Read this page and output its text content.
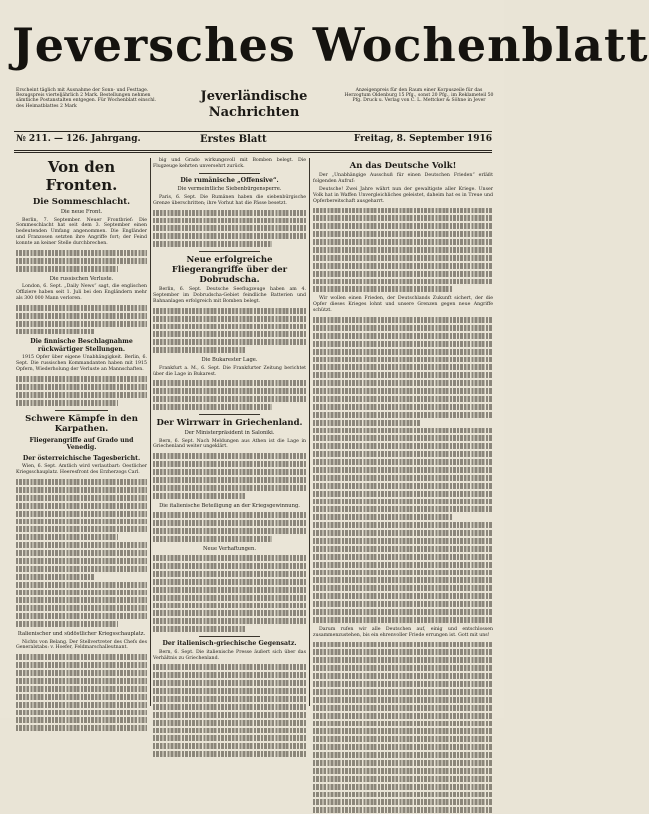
Jeversches Wochenblatt
Erscheint täglich mit Ausnahme der Sonn- und Festtage. Bezugspreis vierteljährlich 2 Mark. Bestellungen nehmen sämtliche Postanstalten entgegen. Für Wochenblatt einschl. des Heimatblattes 2 Mark
Jeverländische
Nachrichten
Anzeigenpreis für den Raum einer Korpuszeile für das Herzogtum Oldenburg 15 Pfg., sonst 20 Pfg., im Reklameteil 50 Pfg. Druck u. Verlag von C. L. Mettcker & Söhne in Jever
№ 211. — 126. Jahrgang.	Erstes Blatt	Freitag, 8. September 1916
Von den Fronten.
Die Sommeschlacht.
Die neue Front.

Berlin, 7. September. Neuer Frontbrief: Die Sommeschlacht hat seit dem 3. September einen bedeutenden Umfang angenommen. Die Engländer und Franzosen setzten ihre Angriffe fort; der Feind konnte an keiner Stelle durchbrechen.

Die russischen Verluste.

London, 6. Sept. „Daily News“ sagt, die englischen Offiziere haben seit 1. Juli bei den Engländern mehr als 300 000 Mann verloren.

Die finnische Beschlagnahme rückwärtiger Stellungen.

1915 Opfer über eigene Unabhängigkeit. Berlin, 6. Sept. Die russischen Kommandanten haben mit 1915 Opfern, Wiederholung der Verluste an Mannschaften.

Schwere Kämpfe in den Karpathen.
Fliegerangriffe auf Grado und Venedig.
Der österreichische Tagesbericht.

Wien, 6. Sept. Amtlich wird verlautbart: Oestlicher Kriegsschauplatz. Heeresfront des Erzherzogs Carl.

Italienischer und südöstlicher Kriegsschauplatz.

Nichts von Belang. Der Stellvertreter des Chefs des Generalstabs: v. Hoefer, Feldmarschalleutnant.

big und Grado wirkungsvoll mit Bomben belegt. Die Flugzeuge kehrten unversehrt zurück.

Die rumänische „Offensive“.
Die vermeintliche Siebenbürgensperre.

Paris, 6. Sept. Die Rumänen haben die siebenbürgische Grenze überschritten; ihre Vorhut hat die Pässe besetzt.

Neue erfolgreiche Fliegerangriffe über der Dobrudscha.

Berlin, 6. Sept. Deutsche Seeflugzeuge haben am 4. September im Dobrudscha-Gebiet feindliche Batterien und Bahnanlagen erfolgreich mit Bomben belegt.

Die Bukarester Lage.

Frankfurt a. M., 6. Sept. Die Frankfurter Zeitung berichtet über die Lage in Bukarest.

Der Wirrwarr in Griechenland.
Der Ministerpräsident in Saloniki.

Bern, 6. Sept. Nach Meldungen aus Athen ist die Lage in Griechenland weiter ungeklärt.

Die italienische Beteiligung an der Kriegsgewinnung.
Neue Verhaftungen.
Der italienisch-griechische Gegensatz.

Bern, 6. Sept. Die italienische Presse äußert sich über das Verhältnis zu Griechenland.

An das Deutsche Volk!

Der „Unabhängige Ausschuß für einen Deutschen Frieden“ erläßt folgenden Aufruf:

Deutsche! Zwei Jahre währt nun der gewaltigste aller Kriege. Unser Volk hat in Waffen Unvergleichliches geleistet, daheim hat es in Treue und Opferbereitschaft ausgeharrt.

Wir wollen einen Frieden, der Deutschlands Zukunft sichert, der die Opfer dieses Krieges lohnt und unsere Grenzen gegen neue Angriffe schützt.

Darum rufen wir alle Deutschen auf, einig und entschlossen zusammenzustehen, bis ein ehrenvoller Friede errungen ist. Gott mit uns!
